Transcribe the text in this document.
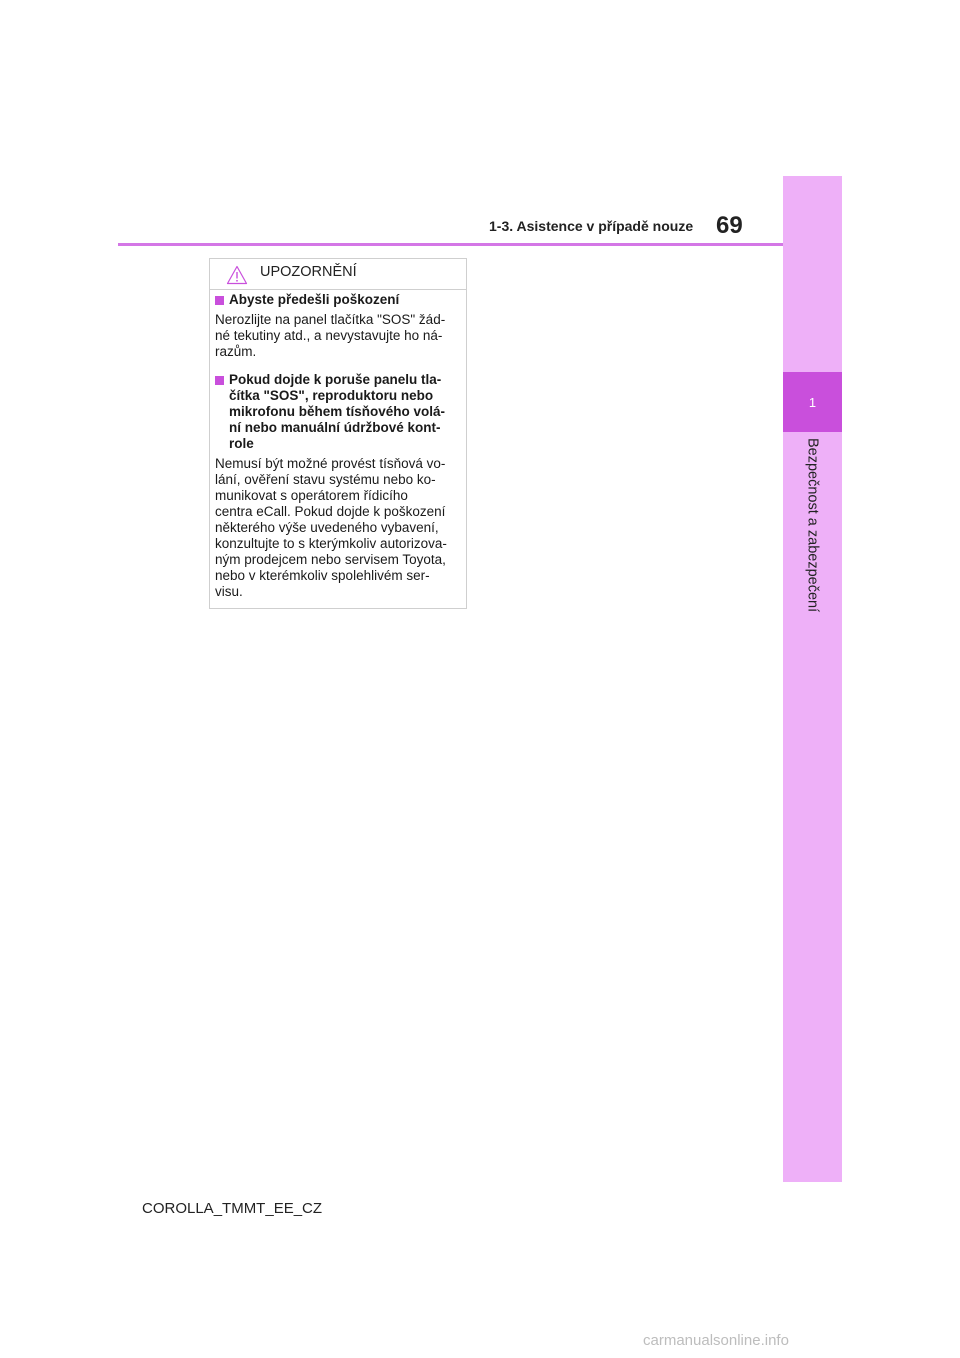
1
Bezpečnost a zabezpečení
1-3. Asistence v případě nouze 69
UPOZORNĚNÍ
Abyste předešli poškození
Nerozlijte na panel tlačítka "SOS" žád-
né tekutiny atd., a nevystavujte ho ná-
razům.
Pokud dojde k poruše panelu tla-
čítka "SOS", reproduktoru nebo
mikrofonu během tísňového volá-
ní nebo manuální údržbové kont-
role
Nemusí být možné provést tísňová vo-
lání, ověření stavu systému nebo ko-
munikovat s operátorem řídicího
centra eCall. Pokud dojde k poškození
některého výše uvedeného vybavení,
konzultujte to s kterýmkoliv autorizova-
ným prodejcem nebo servisem Toyota,
nebo v kterémkoliv spolehlivém ser-
visu.
COROLLA_TMMT_EE_CZ
carmanualsonline.info
